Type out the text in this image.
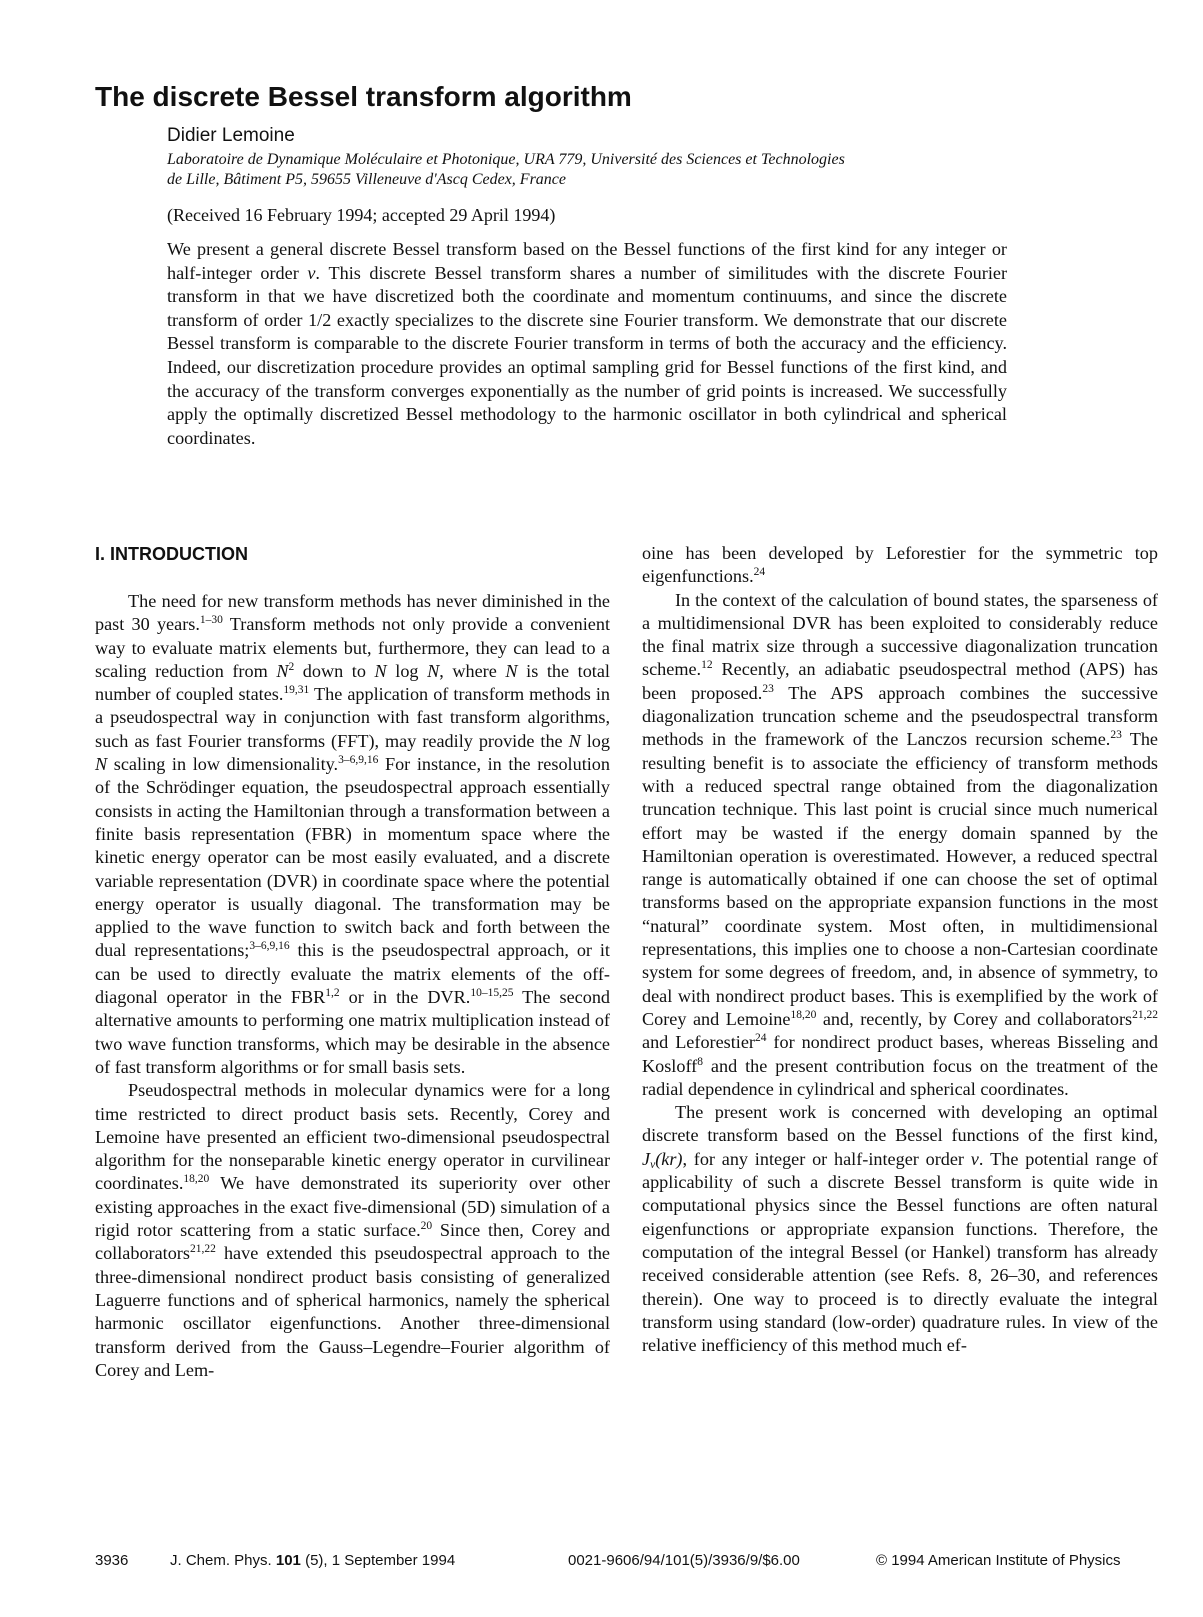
The discrete Bessel transform algorithm
Didier Lemoine
Laboratoire de Dynamique Moléculaire et Photonique, URA 779, Université des Sciences et Technologies
de Lille, Bâtiment P5, 59655 Villeneuve d'Ascq Cedex, France
(Received 16 February 1994; accepted 29 April 1994)

We present a general discrete Bessel transform based on the Bessel functions of the first kind for any integer or half-integer order ν. This discrete Bessel transform shares a number of similitudes with the discrete Fourier transform in that we have discretized both the coordinate and momentum continuums, and since the discrete transform of order 1/2 exactly specializes to the discrete sine Fourier transform. We demonstrate that our discrete Bessel transform is comparable to the discrete Fourier transform in terms of both the accuracy and the efficiency. Indeed, our discretization procedure provides an optimal sampling grid for Bessel functions of the first kind, and the accuracy of the transform converges exponentially as the number of grid points is increased. We successfully apply the optimally discretized Bessel methodology to the harmonic oscillator in both cylindrical and spherical coordinates.

I. INTRODUCTION

The need for new transform methods has never diminished in the past 30 years.$^{1-30}$ Transform methods not only provide a convenient way to evaluate matrix elements but, furthermore, they can lead to a scaling reduction from $N^2$ down to N log N, where N is the total number of coupled states.$^{19,31}$ The application of transform methods in a pseudospectral way in conjunction with fast transform algorithms, such as fast Fourier transforms (FFT), may readily provide the N log N scaling in low dimensionality.$^{3-6,9,16}$ For instance, in the resolution of the Schrödinger equation, the pseudospectral approach essentially consists in acting the Hamiltonian through a transformation between a finite basis representation (FBR) in momentum space where the kinetic energy operator can be most easily evaluated, and a discrete variable representation (DVR) in coordinate space where the potential energy operator is usually diagonal. The transformation may be applied to the wave function to switch back and forth between the dual representations;$^{3-6,9,16}$ this is the pseudospectral approach, or it can be used to directly evaluate the matrix elements of the off-diagonal operator in the FBR$^{1,2}$ or in the DVR.$^{10-15,25}$ The second alternative amounts to performing one matrix multiplication instead of two wave function transforms, which may be desirable in the absence of fast transform algorithms or for small basis sets.

Pseudospectral methods in molecular dynamics were for a long time restricted to direct product basis sets. Recently, Corey and Lemoine have presented an efficient two-dimensional pseudospectral algorithm for the nonseparable kinetic energy operator in curvilinear coordinates.$^{18,20}$ We have demonstrated its superiority over other existing approaches in the exact five-dimensional (5D) simulation of a rigid rotor scattering from a static surface.$^{20}$ Since then, Corey and collaborators$^{21,22}$ have extended this pseudospectral approach to the three-dimensional nondirect product basis consisting of generalized Laguerre functions and of spherical harmonics, namely the spherical harmonic oscillator eigenfunctions. Another three-dimensional transform derived from the Gauss–Legendre–Fourier algorithm of Corey and Lem-

oine has been developed by Leforestier for the symmetric top eigenfunctions.$^{24}$

In the context of the calculation of bound states, the sparseness of a multidimensional DVR has been exploited to considerably reduce the final matrix size through a successive diagonalization truncation scheme.$^{12}$ Recently, an adiabatic pseudospectral method (APS) has been proposed.$^{23}$ The APS approach combines the successive diagonalization truncation scheme and the pseudospectral transform methods in the framework of the Lanczos recursion scheme.$^{23}$ The resulting benefit is to associate the efficiency of transform methods with a reduced spectral range obtained from the diagonalization truncation technique. This last point is crucial since much numerical effort may be wasted if the energy domain spanned by the Hamiltonian operation is overestimated. However, a reduced spectral range is automatically obtained if one can choose the set of optimal transforms based on the appropriate expansion functions in the most “natural” coordinate system. Most often, in multidimensional representations, this implies one to choose a non-Cartesian coordinate system for some degrees of freedom, and, in absence of symmetry, to deal with nondirect product bases. This is exemplified by the work of Corey and Lemoine$^{18,20}$ and, recently, by Corey and collaborators$^{21,22}$ and Leforestier$^{24}$ for nondirect product bases, whereas Bisseling and Kosloff$^8$ and the present contribution focus on the treatment of the radial dependence in cylindrical and spherical coordinates.

The present work is concerned with developing an optimal discrete transform based on the Bessel functions of the first kind, $J_\nu(kr)$, for any integer or half-integer order ν. The potential range of applicability of such a discrete Bessel transform is quite wide in computational physics since the Bessel functions are often natural eigenfunctions or appropriate expansion functions. Therefore, the computation of the integral Bessel (or Hankel) transform has already received considerable attention (see Refs. 8, 26–30, and references therein). One way to proceed is to directly evaluate the integral transform using standard (low-order) quadrature rules. In view of the relative inefficiency of this method much ef-

3936	J. Chem. Phys. 101 (5), 1 September 1994	0021-9606/94/101(5)/3936/9/$6.00	© 1994 American Institute of Physics
